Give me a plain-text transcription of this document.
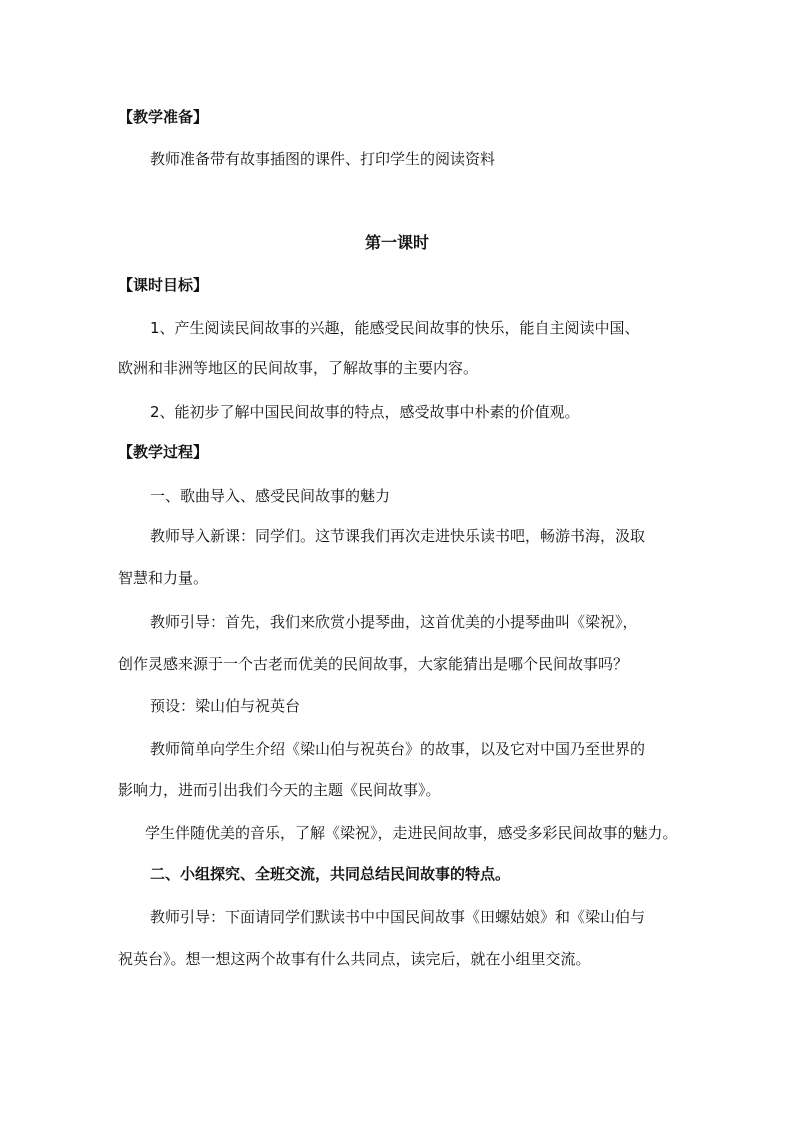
【教学准备】
教师准备带有故事插图的课件、打印学生的阅读资料
第一课时
【课时目标】
1、产生阅读民间故事的兴趣，能感受民间故事的快乐，能自主阅读中国、
欧洲和非洲等地区的民间故事，了解故事的主要内容。
2、能初步了解中国民间故事的特点，感受故事中朴素的价值观。
【教学过程】
一、歌曲导入、感受民间故事的魅力
教师导入新课：同学们。这节课我们再次走进快乐读书吧，畅游书海，汲取
智慧和力量。
教师引导：首先，我们来欣赏小提琴曲，这首优美的小提琴曲叫《梁祝》，
创作灵感来源于一个古老而优美的民间故事，大家能猜出是哪个民间故事吗？
预设：梁山伯与祝英台
教师简单向学生介绍《梁山伯与祝英台》的故事，以及它对中国乃至世界的
影响力，进而引出我们今天的主题《民间故事》。
学生伴随优美的音乐，了解《梁祝》，走进民间故事，感受多彩民间故事的魅力。
二、小组探究、全班交流，共同总结民间故事的特点。
教师引导：下面请同学们默读书中中国民间故事《田螺姑娘》和《梁山伯与
祝英台》。想一想这两个故事有什么共同点，读完后，就在小组里交流。
